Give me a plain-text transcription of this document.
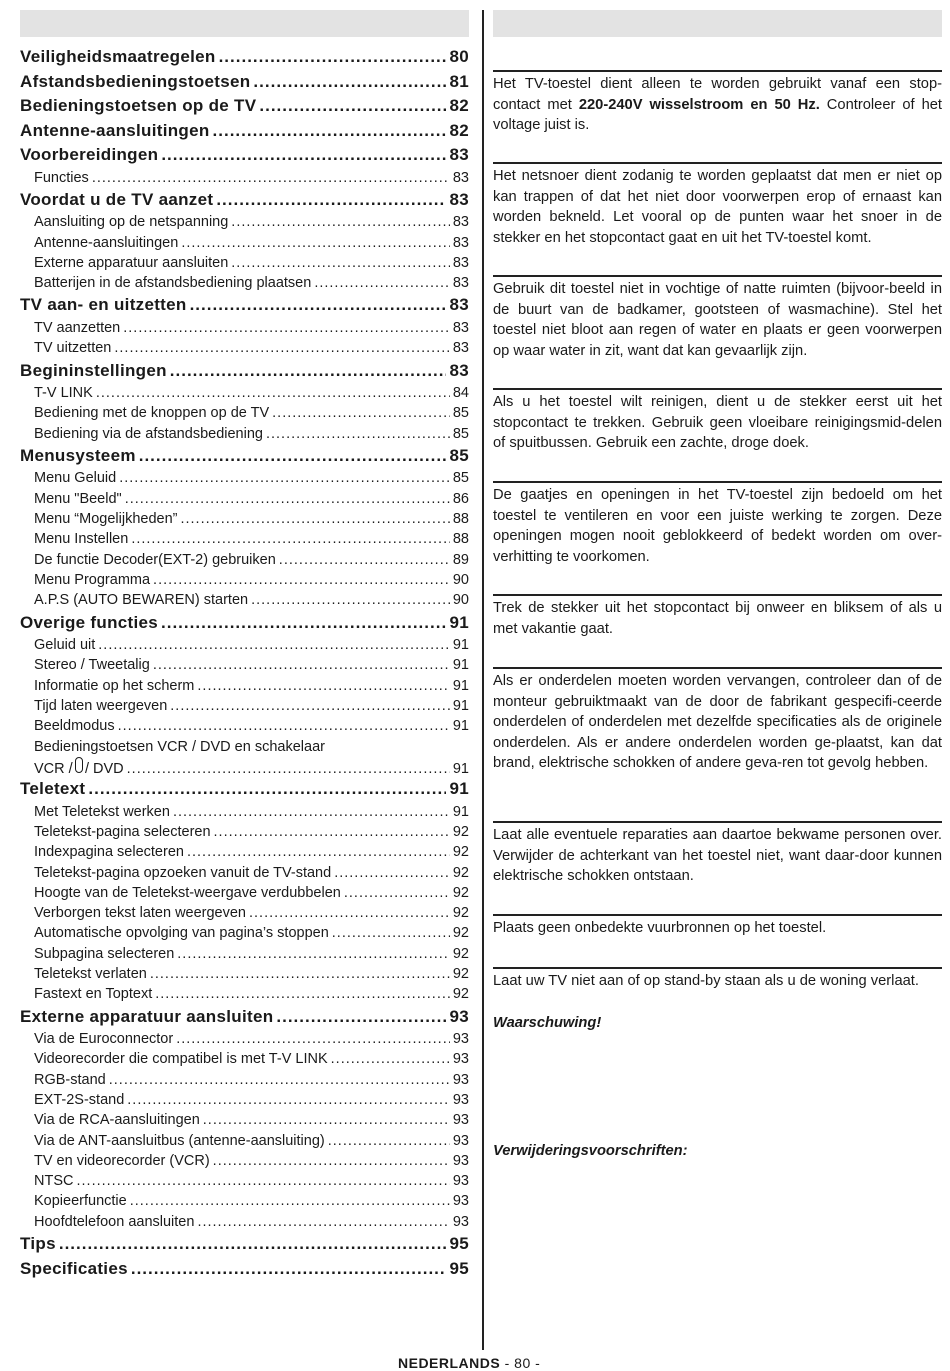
Veiligheidsmaatregelen .....	80
Afstandsbedieningstoetsen .....	81
Bedieningstoetsen op de TV .....	82
Antenne-aansluitingen .....	82
Voorbereidingen .....	83
Functies .....	83
Voordat u de TV aanzet .....	83
Aansluiting op de netspanning .....	83
Antenne-aansluitingen .....	83
Externe apparatuur aansluiten .....	83
Batterijen in de afstandsbediening plaatsen .....	83
TV aan- en uitzetten .....	83
TV aanzetten .....	83
TV uitzetten .....	83
Begininstellingen .....	83
T-V LINK .....	84
Bediening met de knoppen op de TV .....	85
Bediening via de afstandsbediening .....	85
Menusysteem .....	85
Menu Geluid .....	85
Menu "Beeld" .....	86
Menu “Mogelijkheden” .....	88
Menu Instellen .....	88
De functie Decoder(EXT-2) gebruiken .....	89
Menu Programma .....	90
A.P.S (AUTO BEWAREN) starten .....	90
Overige functies .....	91
Geluid uit .....	91
Stereo / Tweetalig .....	91
Informatie op het scherm .....	91
Tijd laten weergeven .....	91
Beeldmodus .....	91
Bedieningstoetsen VCR / DVD en schakelaar
VCR / / DVD .....	91
Teletext .....	91
Met Teletekst werken .....	91
Teletekst-pagina selecteren .....	92
Indexpagina selecteren .....	92
Teletekst-pagina opzoeken vanuit de TV-stand .....	92
Hoogte van de Teletekst-weergave verdubbelen .....	92
Verborgen tekst laten weergeven .....	92
Automatische opvolging van pagina’s stoppen .....	92
Subpagina selecteren .....	92
Teletekst verlaten .....	92
Fastext en Toptext .....	92
Externe apparatuur aansluiten .....	93
Via de Euroconnector .....	93
Videorecorder die compatibel is met T-V LINK .....	93
RGB-stand .....	93
EXT-2S-stand .....	93
Via de RCA-aansluitingen .....	93
Via de ANT-aansluitbus (antenne-aansluiting) .....	93
TV en videorecorder (VCR) .....	93
NTSC .....	93
Kopieerfunctie .....	93
Hoofdtelefoon aansluiten .....	93
Tips .....	95
Specificaties .....	95
Het TV-toestel dient alleen te worden gebruikt vanaf een stop-contact met 220-240V wisselstroom en 50 Hz. Controleer of het voltage juist is.
Het netsnoer dient zodanig te worden geplaatst dat men er niet op kan trappen of dat het niet door voorwerpen erop of ernaast kan worden bekneld. Let vooral op de punten waar het snoer in de stekker en het stopcontact gaat en uit het TV-toestel komt.
Gebruik dit toestel niet in vochtige of natte ruimten (bijvoor-beeld in de buurt van de badkamer, gootsteen of wasmachine). Stel het toestel niet bloot aan regen of water en plaats er geen voorwerpen op waar water in zit, want dat kan gevaarlijk zijn.
Als u het toestel wilt reinigen, dient u de stekker eerst uit het stopcontact te trekken. Gebruik geen vloeibare reinigingsmid-delen of spuitbussen. Gebruik een zachte, droge doek.
De gaatjes en openingen in het TV-toestel zijn bedoeld om het toestel te ventileren en voor een juiste werking te zorgen. Deze openingen mogen nooit geblokkeerd of bedekt worden om over-verhitting te voorkomen.
Trek de stekker uit het stopcontact bij onweer en bliksem of als u met vakantie gaat.
Als er onderdelen moeten worden vervangen, controleer dan of de monteur gebruiktmaakt van de door de fabrikant gespecifi-ceerde onderdelen of onderdelen met dezelfde specificaties als de originele onderdelen. Als er andere onderdelen worden ge-plaatst, kan dat brand, elektrische schokken of andere geva-ren tot gevolg hebben.
Laat alle eventuele reparaties aan daartoe bekwame personen over. Verwijder de achterkant van het toestel niet, want daar-door kunnen elektrische schokken ontstaan.
Plaats geen onbedekte vuurbronnen op het toestel.
Laat uw TV niet aan of op stand-by staan als u de woning verlaat.
Waarschuwing!
Verwijderingsvoorschriften:
NEDERLANDS - 80 -
